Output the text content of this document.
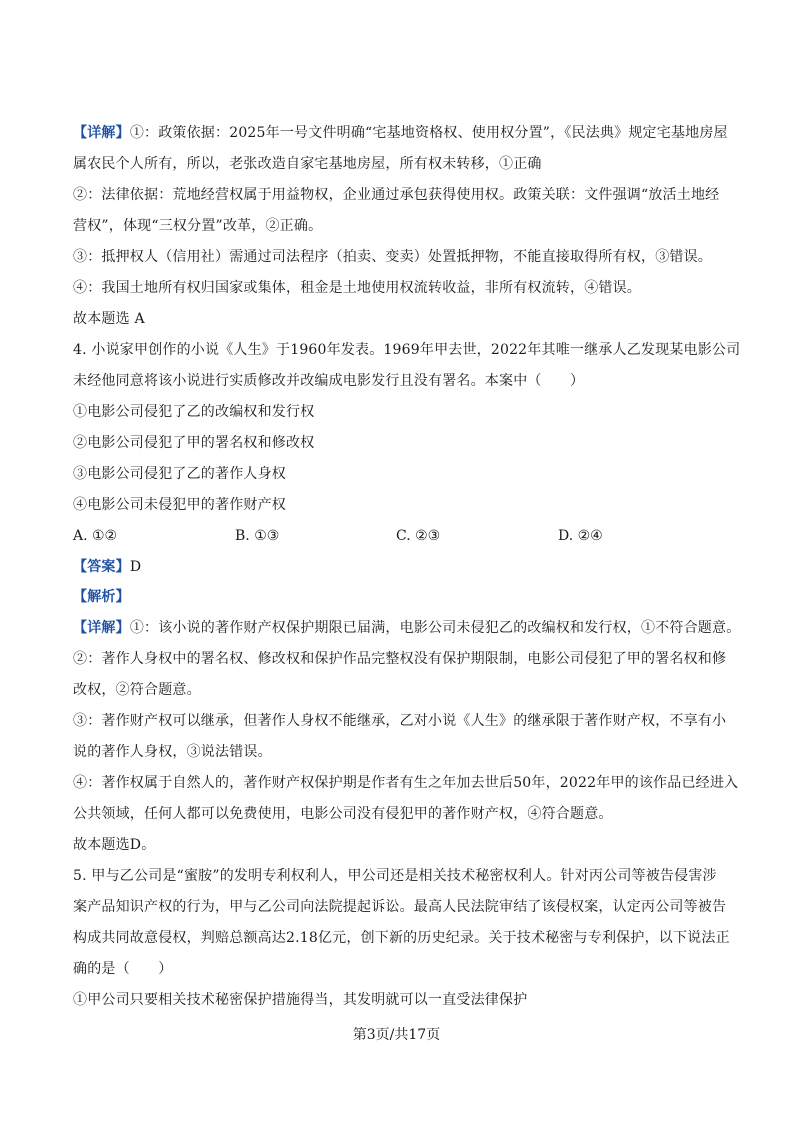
【详解】①：政策依据：2025年一号文件明确“宅基地资格权、使用权分置”，《民法典》规定宅基地房屋
属农民个人所有，所以，老张改造自家宅基地房屋，所有权未转移，①正确
②：法律依据：荒地经营权属于用益物权，企业通过承包获得使用权。政策关联：文件强调“放活土地经
营权”，体现“三权分置”改革，②正确。
③：抵押权人（信用社）需通过司法程序（拍卖、变卖）处置抵押物，不能直接取得所有权，③错误。
④：我国土地所有权归国家或集体，租金是土地使用权流转收益，非所有权流转，④错误。
故本题选 A
4. 小说家甲创作的小说《人生》于1960年发表。1969年甲去世，2022年其唯一继承人乙发现某电影公司
未经他同意将该小说进行实质修改并改编成电影发行且没有署名。本案中（　　）
①电影公司侵犯了乙的改编权和发行权
②电影公司侵犯了甲的署名权和修改权
③电影公司侵犯了乙的著作人身权
④电影公司未侵犯甲的著作财产权
A. ①②	B. ①③	C. ②③	D. ②④
【答案】D
【解析】
【详解】①：该小说的著作财产权保护期限已届满，电影公司未侵犯乙的改编权和发行权，①不符合题意。
②：著作人身权中的署名权、修改权和保护作品完整权没有保护期限制，电影公司侵犯了甲的署名权和修
改权，②符合题意。
③：著作财产权可以继承，但著作人身权不能继承，乙对小说《人生》的继承限于著作财产权，不享有小
说的著作人身权，③说法错误。
④：著作权属于自然人的，著作财产权保护期是作者有生之年加去世后50年，2022年甲的该作品已经进入
公共领域，任何人都可以免费使用，电影公司没有侵犯甲的著作财产权，④符合题意。
故本题选D。
5. 甲与乙公司是“蜜胺”的发明专利权利人，甲公司还是相关技术秘密权利人。针对丙公司等被告侵害涉
案产品知识产权的行为，甲与乙公司向法院提起诉讼。最高人民法院审结了该侵权案，认定丙公司等被告
构成共同故意侵权，判赔总额高达2.18亿元，创下新的历史纪录。关于技术秘密与专利保护，以下说法正
确的是（　　）
①甲公司只要相关技术秘密保护措施得当，其发明就可以一直受法律保护
第3页/共17页
